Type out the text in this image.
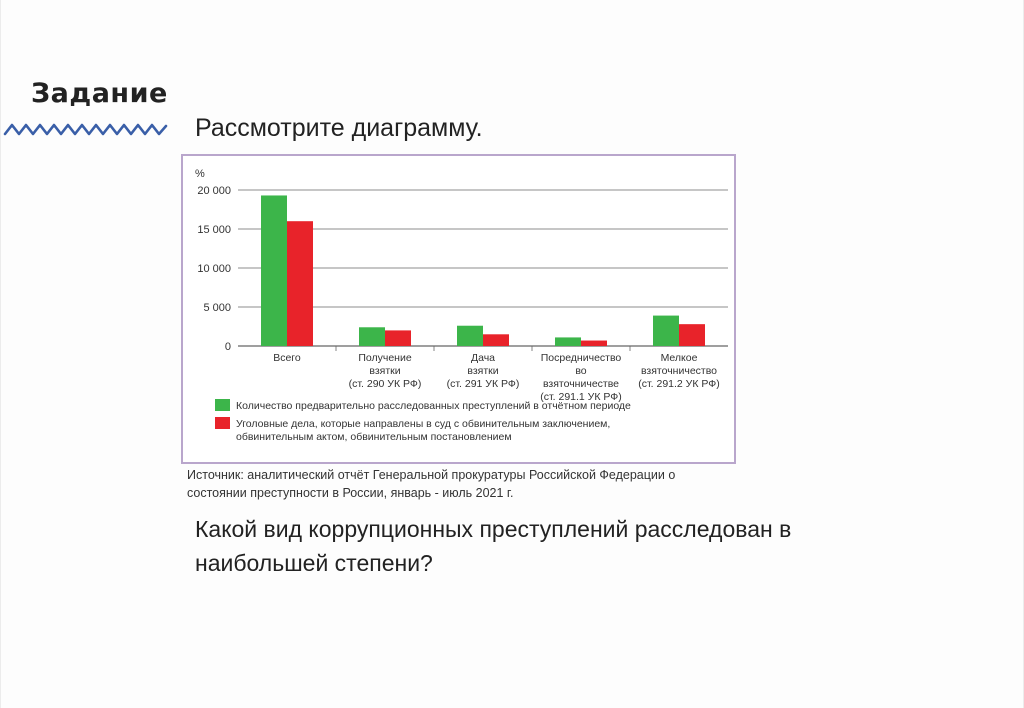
Задание
Рассмотрите диаграмму.
%
0
5 000
10 000
15 000
20 000
Всего	Получение взятки (ст. 290 УК РФ)
Дача взятки (ст. 291 УК РФ)
Посредничество во взяточничестве (ст. 291.1 УК РФ)
Мелкое взяточничество (ст. 291.2 УК РФ)
Количество предварительно расследованных преступлений в отчётном периоде
Уголовные дела, которые направлены в суд с обвинительным заключением, обвинительным актом, обвинительным постановлением
Источник: аналитический отчёт Генеральной прокуратуры Российской Федерации о
состоянии преступности в России, январь - июль 2021 г.
Какой вид коррупционных преступлений расследован в
наибольшей степени?
